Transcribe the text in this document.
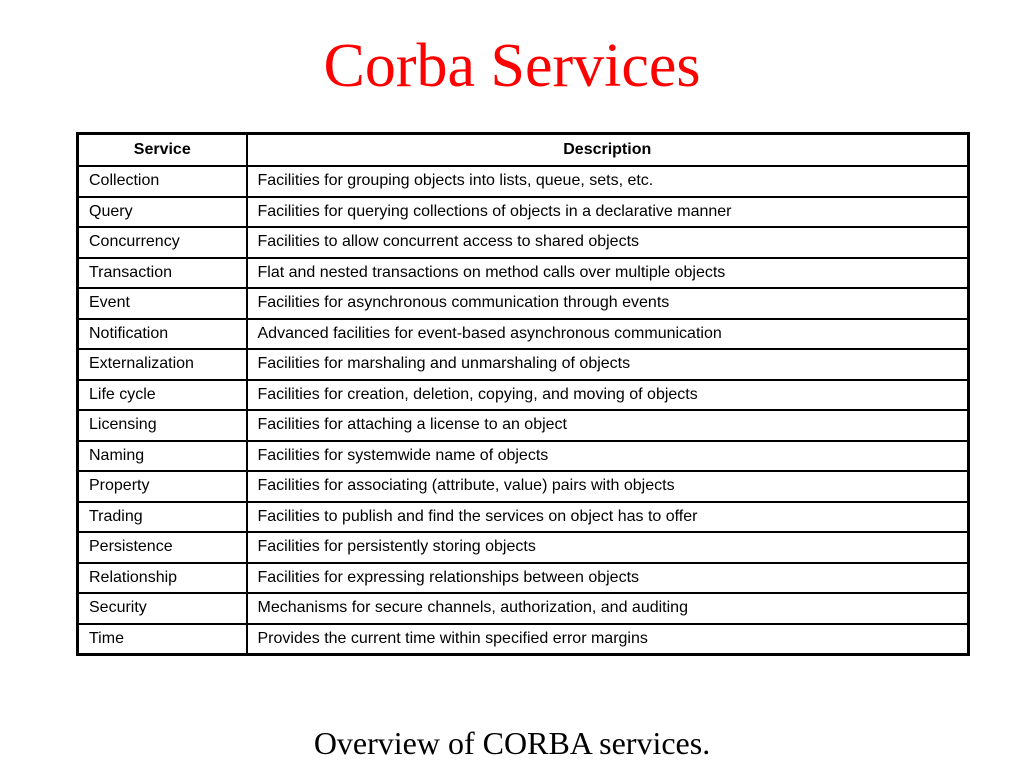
Corba Services
Service	Description
Collection	Facilities for grouping objects into lists, queue, sets, etc.
Query	Facilities for querying collections of objects in a declarative manner
Concurrency	Facilities to allow concurrent access to shared objects
Transaction	Flat and nested transactions on method calls over multiple objects
Event	Facilities for asynchronous communication through events
Notification	Advanced facilities for event-based asynchronous communication
Externalization	Facilities for marshaling and unmarshaling of objects
Life cycle	Facilities for creation, deletion, copying, and moving of objects
Licensing	Facilities for attaching a license to an object
Naming	Facilities for systemwide name of objects
Property	Facilities for associating (attribute, value) pairs with objects
Trading	Facilities to publish and find the services on object has to offer
Persistence	Facilities for persistently storing objects
Relationship	Facilities for expressing relationships between objects
Security	Mechanisms for secure channels, authorization, and auditing
Time	Provides the current time within specified error margins
Overview of CORBA services.
